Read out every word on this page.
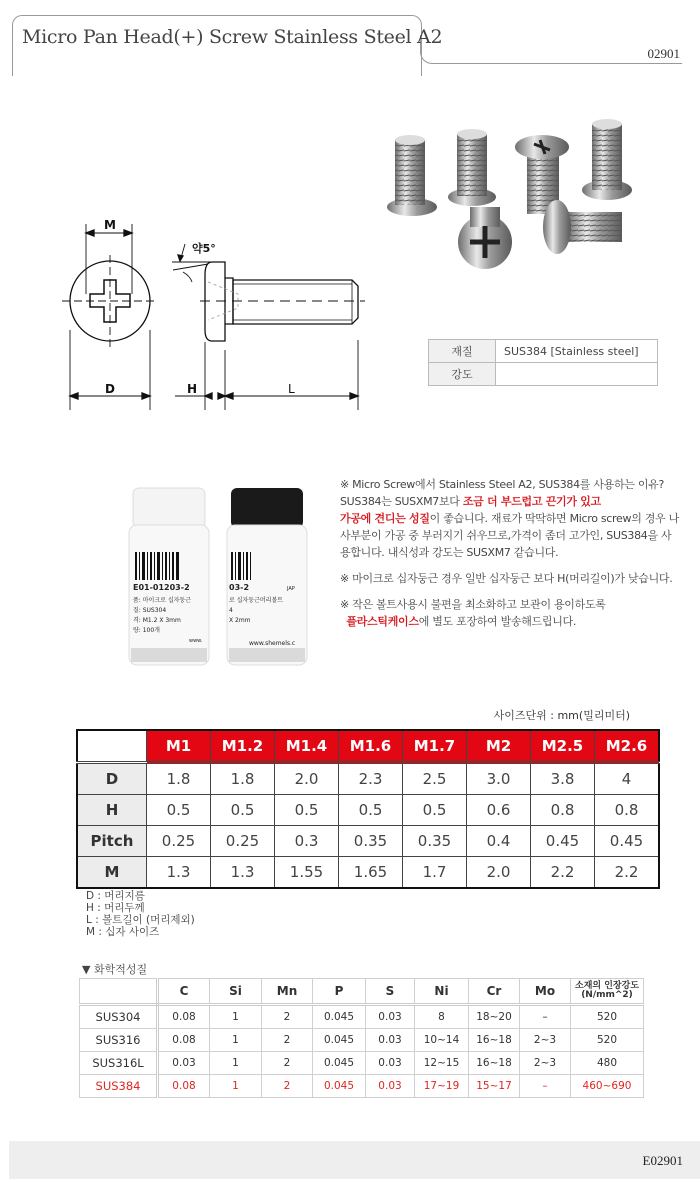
Micro Pan Head(+) Screw Stainless Steel A2
02901
M
D	H	L
약5°
재질	SUS384 [Stainless steel]
강도	
E01-01203-2
품: 마이크로 십자둥근
질: SUS304
격: M1.2 X 3mm
량: 100개
www.
03-2	JAP
로 십자둥근머리볼트
4
X 2mm
www.shemels.c

※ Micro Screw에서 Stainless Steel A2, SUS384를 사용하는 이유?
SUS384는 SUSXM7보다 조금 더 부드럽고 끈기가 있고
가공에 견디는 성질이 좋습니다. 재료가 딱딱하면 Micro screw의 경우 나사부분이 가공 중 부러지기 쉬우므로,가격이 좀더 고가인, SUS384을 사용합니다. 내식성과 강도는 SUSXM7 같습니다.

※ 마이크로 십자둥근 경우 일반 십자둥근 보다 H(머리길이)가 낮습니다.

※ 작은 볼트사용시 불편을 최소화하고 보관이 용이하도록
플라스틱케이스에 별도 포장하여 발송해드립니다.

사이즈단위 : mm(밀리미터)
	M1	M1.2	M1.4	M1.6	M1.7	M2	M2.5	M2.6
D	1.8	1.8	2.0	2.3	2.5	3.0	3.8	4
H	0.5	0.5	0.5	0.5	0.5	0.6	0.8	0.8
Pitch	0.25	0.25	0.3	0.35	0.35	0.4	0.45	0.45
M	1.3	1.3	1.55	1.65	1.7	2.0	2.2	2.2
D : 머리지름
H : 머리두께
L : 볼트길이 (머리제외)
M : 십자 사이즈
▼ 화학적성질
	C	Si	Mn	P	S	Ni	Cr	Mo	소재의 인장강도
(N/mm^2)
SUS304	0.08	1	2	0.045	0.03	8	18~20	–	520
SUS316	0.08	1	2	0.045	0.03	10~14	16~18	2~3	520
SUS316L	0.03	1	2	0.045	0.03	12~15	16~18	2~3	480
SUS384	0.08	1	2	0.045	0.03	17~19	15~17	–	460~690
E02901
